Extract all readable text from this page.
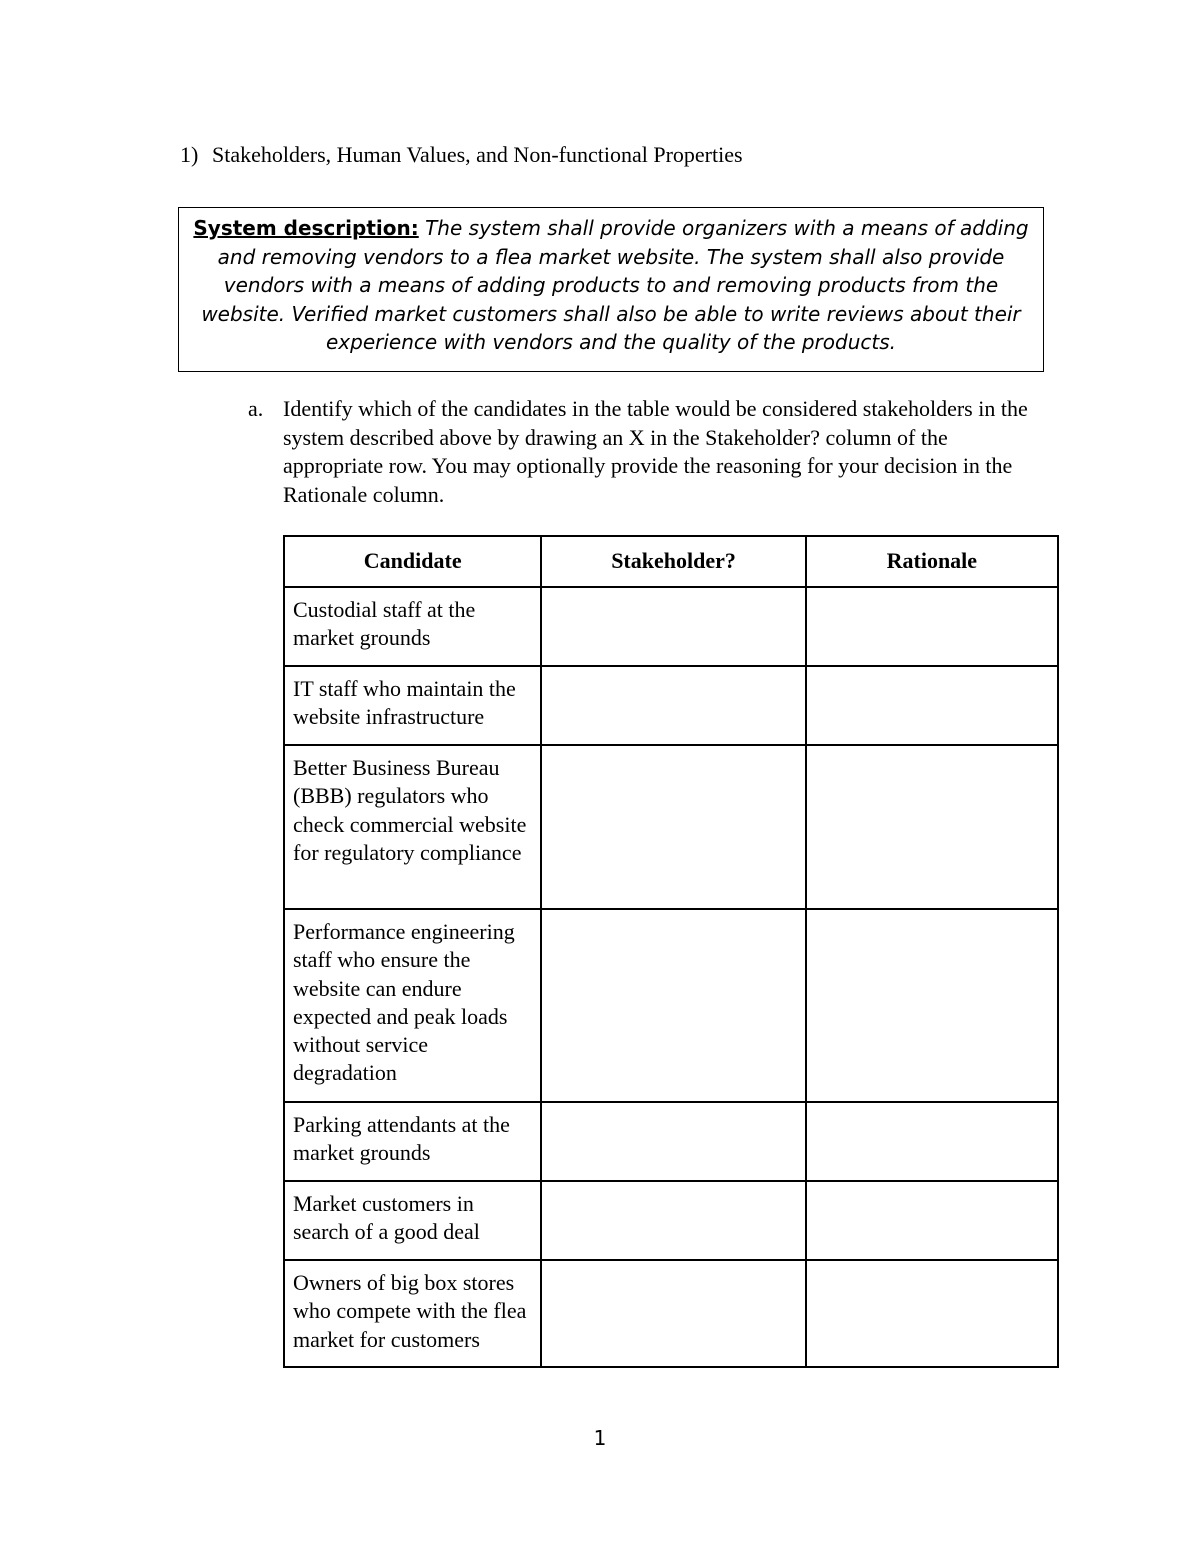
1) Stakeholders, Human Values, and Non-functional Properties
System description: The system shall provide organizers with a means of adding and removing vendors to a flea market website. The system shall also provide vendors with a means of adding products to and removing products from the website. Verified market customers shall also be able to write reviews about their experience with vendors and the quality of the products.
a. Identify which of the candidates in the table would be considered stakeholders in the system described above by drawing an X in the Stakeholder? column of the appropriate row. You may optionally provide the reasoning for your decision in the Rationale column.
Candidate	Stakeholder?	Rationale
Custodial staff at the market grounds		
IT staff who maintain the website infrastructure		
Better Business Bureau (BBB) regulators who check commercial website for regulatory compliance		
Performance engineering staff who ensure the website can endure expected and peak loads without service degradation		
Parking attendants at the market grounds		
Market customers in search of a good deal		
Owners of big box stores who compete with the flea market for customers		
1
